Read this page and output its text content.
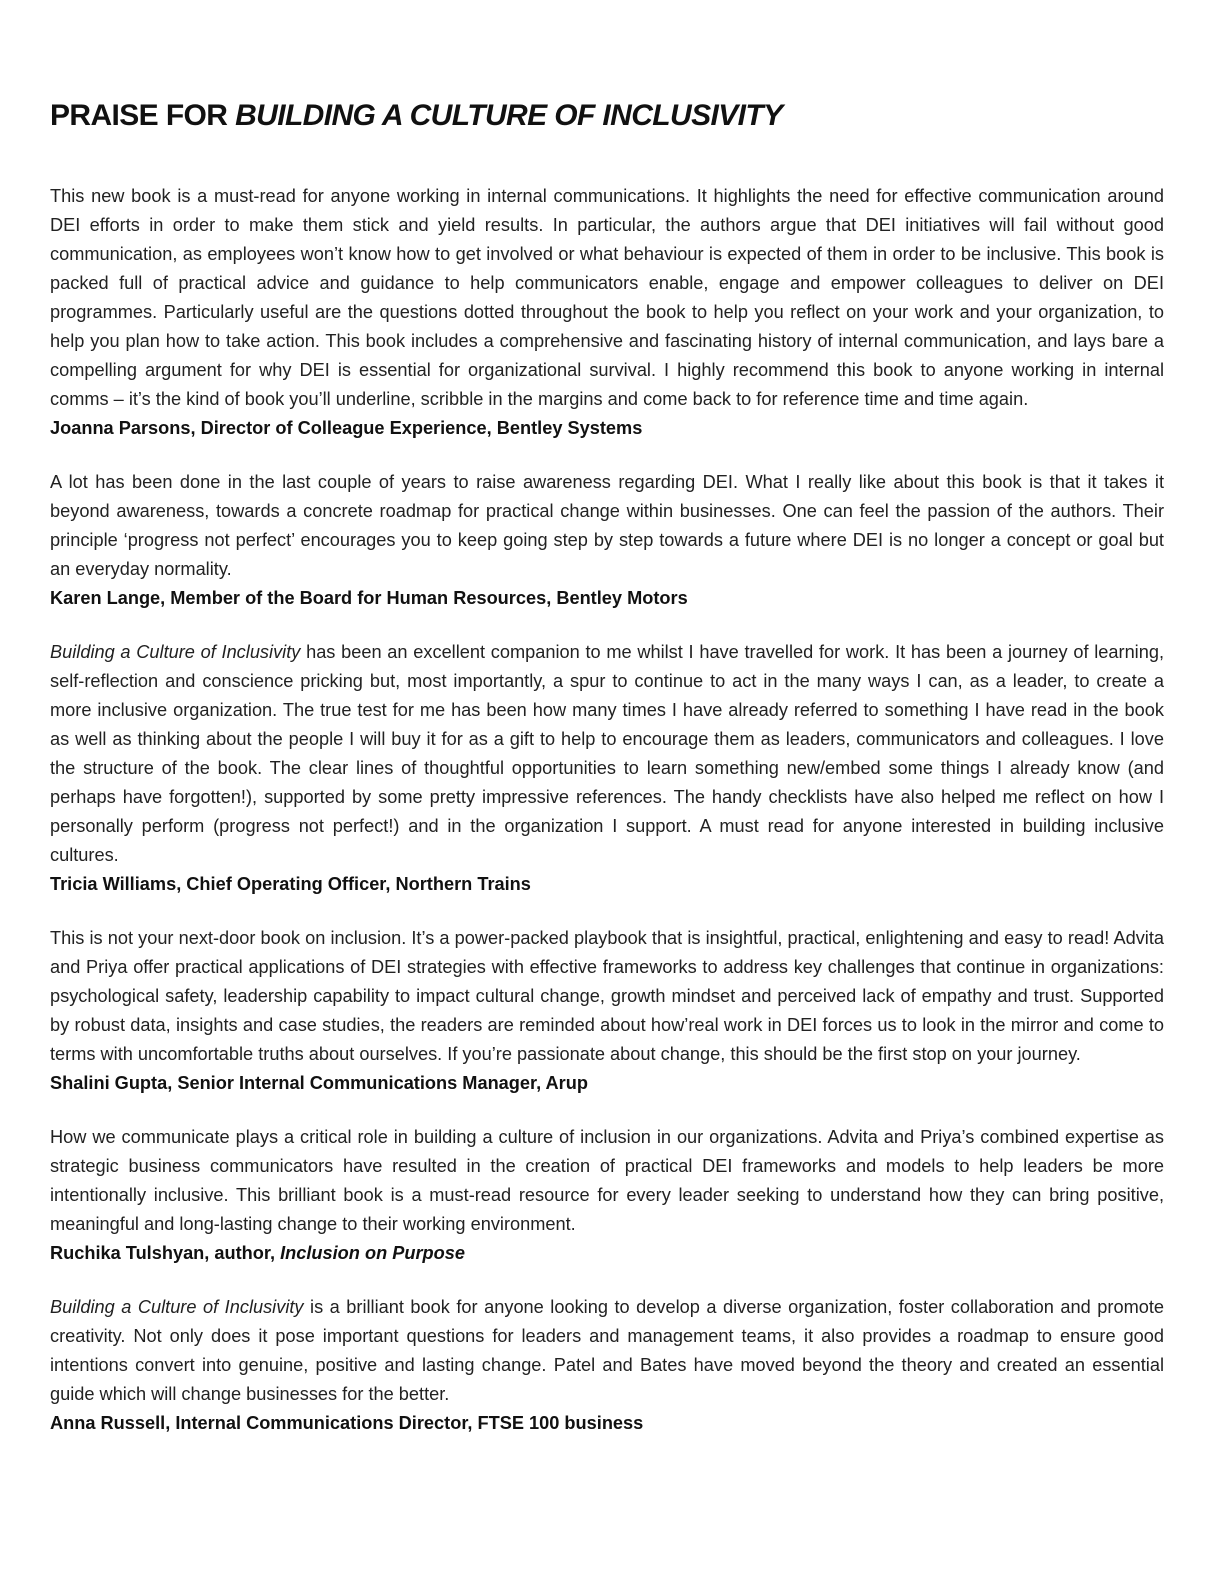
PRAISE FOR BUILDING A CULTURE OF INCLUSIVITY

This new book is a must-read for anyone working in internal communications. It highlights the need for effective communication around DEI efforts in order to make them stick and yield results. In particular, the authors argue that DEI initiatives will fail without good communication, as employees won’t know how to get involved or what behaviour is expected of them in order to be inclusive. This book is packed full of practical advice and guidance to help communicators enable, engage and empower colleagues to deliver on DEI programmes. Particularly useful are the questions dotted throughout the book to help you reflect on your work and your organization, to help you plan how to take action. This book includes a comprehensive and fascinating history of internal communication, and lays bare a compelling argument for why DEI is essential for organizational survival. I highly recommend this book to anyone working in internal comms – it’s the kind of book you’ll underline, scribble in the margins and come back to for reference time and time again.

Joanna Parsons, Director of Colleague Experience, Bentley Systems

A lot has been done in the last couple of years to raise awareness regarding DEI. What I really like about this book is that it takes it beyond awareness, towards a concrete roadmap for practical change within businesses. One can feel the passion of the authors. Their principle ‘progress not perfect’ encourages you to keep going step by step towards a future where DEI is no longer a concept or goal but an everyday normality.

Karen Lange, Member of the Board for Human Resources, Bentley Motors

Building a Culture of Inclusivity has been an excellent companion to me whilst I have travelled for work. It has been a journey of learning, self-reflection and conscience pricking but, most importantly, a spur to continue to act in the many ways I can, as a leader, to create a more inclusive organization. The true test for me has been how many times I have already referred to something I have read in the book as well as thinking about the people I will buy it for as a gift to help to encourage them as leaders, communicators and colleagues. I love the structure of the book. The clear lines of thoughtful opportunities to learn something new/embed some things I already know (and perhaps have forgotten!), supported by some pretty impressive references. The handy checklists have also helped me reflect on how I personally perform (progress not perfect!) and in the organization I support. A must read for anyone interested in building inclusive cultures.

Tricia Williams, Chief Operating Officer, Northern Trains

This is not your next-door book on inclusion. It’s a power-packed playbook that is insightful, practical, enlightening and easy to read! Advita and Priya offer practical applications of DEI strategies with effective frameworks to address key challenges that continue in organizations: psychological safety, leadership capability to impact cultural change, growth mindset and perceived lack of empathy and trust. Supported by robust data, insights and case studies, the readers are reminded about how’real work in DEI forces us to look in the mirror and come to terms with uncomfortable truths about ourselves. If you’re passionate about change, this should be the first stop on your journey.

Shalini Gupta, Senior Internal Communications Manager, Arup

How we communicate plays a critical role in building a culture of inclusion in our organizations. Advita and Priya’s combined expertise as strategic business communicators have resulted in the creation of practical DEI frameworks and models to help leaders be more intentionally inclusive. This brilliant book is a must-read resource for every leader seeking to understand how they can bring positive, meaningful and long-lasting change to their working environment.

Ruchika Tulshyan, author, Inclusion on Purpose

Building a Culture of Inclusivity is a brilliant book for anyone looking to develop a diverse organization, foster collaboration and promote creativity. Not only does it pose important questions for leaders and management teams, it also provides a roadmap to ensure good intentions convert into genuine, positive and lasting change. Patel and Bates have moved beyond the theory and created an essential guide which will change businesses for the better.

Anna Russell, Internal Communications Director, FTSE 100 business
